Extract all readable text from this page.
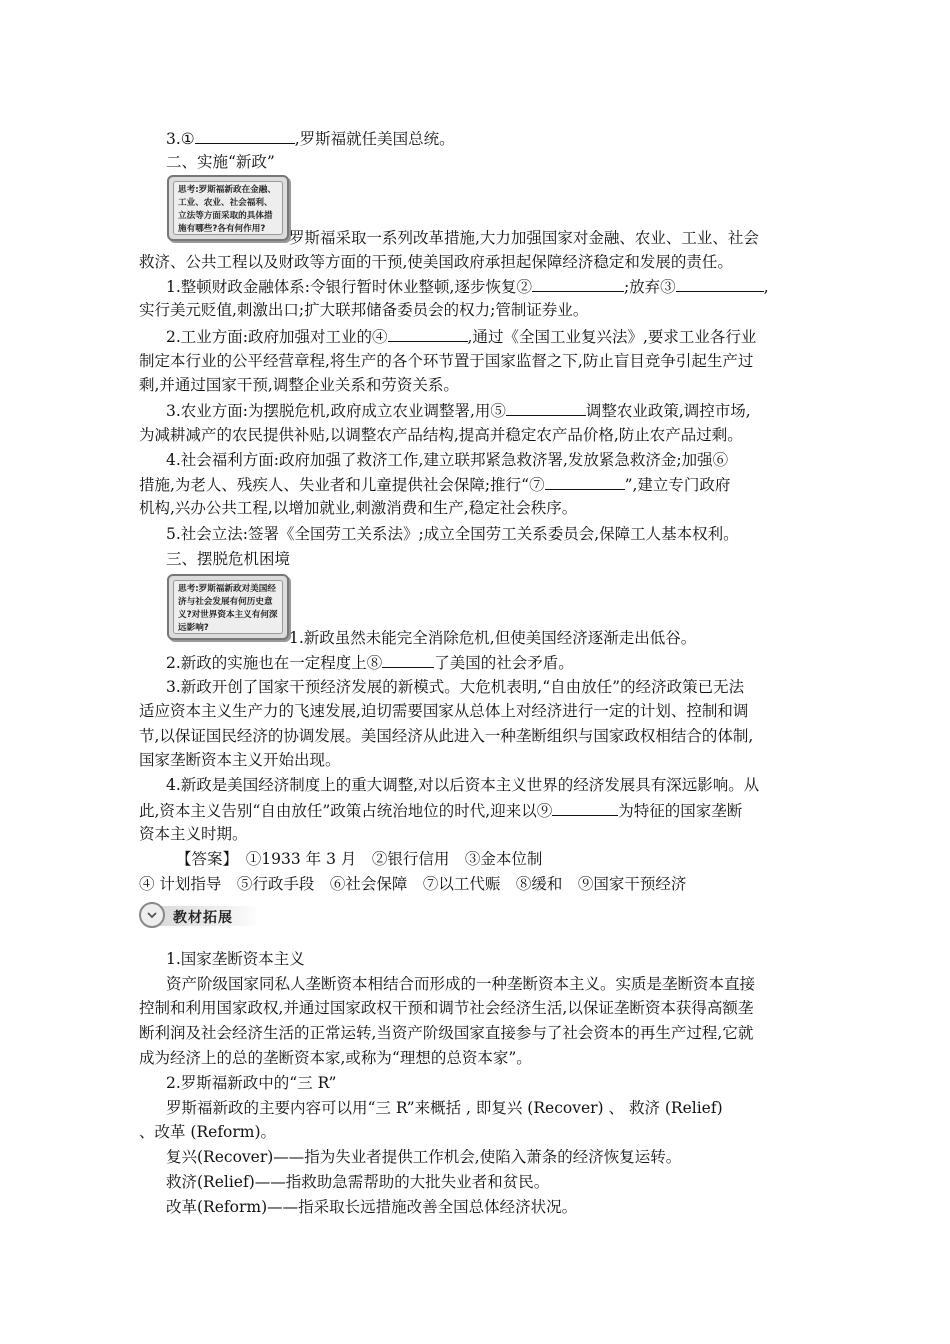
3.①	,罗斯福就任美国总统。
二、实施“新政”
思考:罗斯福新政在金融、工业、农业、社会福利、立法等方面采取的具体措施有哪些?各有何作用?	罗斯福采取一系列改革措施,大力加强国家对金融、农业、工业、社会
救济、公共工程以及财政等方面的干预,使美国政府承担起保障经济稳定和发展的责任。
1.整顿财政金融体系:令银行暂时休业整顿,逐步恢复②	;放弃③	,
实行美元贬值,刺激出口;扩大联邦储备委员会的权力;管制证券业。
2.工业方面:政府加强对工业的④	,通过《全国工业复兴法》,要求工业各行业
制定本行业的公平经营章程,将生产的各个环节置于国家监督之下,防止盲目竞争引起生产过
剩,并通过国家干预,调整企业关系和劳资关系。
3.农业方面:为摆脱危机,政府成立农业调整署,用⑤	调整农业政策,调控市场,
为减耕减产的农民提供补贴,以调整农产品结构,提高并稳定农产品价格,防止农产品过剩。
4.社会福利方面:政府加强了救济工作,建立联邦紧急救济署,发放紧急救济金;加强⑥
措施,为老人、残疾人、失业者和儿童提供社会保障;推行“⑦	”,建立专门政府
机构,兴办公共工程,以增加就业,刺激消费和生产,稳定社会秩序。
5.社会立法:签署《全国劳工关系法》;成立全国劳工关系委员会,保障工人基本权利。
三、摆脱危机困境
思考:罗斯福新政对美国经济与社会发展有何历史意义?对世界资本主义有何深远影响?
1.新政虽然未能完全消除危机,但使美国经济逐渐走出低谷。
2.新政的实施也在一定程度上⑧	了美国的社会矛盾。
3.新政开创了国家干预经济发展的新模式。大危机表明,“自由放任”的经济政策已无法
适应资本主义生产力的飞速发展,迫切需要国家从总体上对经济进行一定的计划、控制和调
节,以保证国民经济的协调发展。美国经济从此进入一种垄断组织与国家政权相结合的体制,
国家垄断资本主义开始出现。
4.新政是美国经济制度上的重大调整,对以后资本主义世界的经济发展具有深远影响。从
此,资本主义告别“自由放任”政策占统治地位的时代,迎来以⑨	为特征的国家垄断
资本主义时期。
【答案】　 ①1933 年 3 月　②银行信用　③金本位制
④ 计划指导　⑤行政手段　⑥社会保障　⑦以工代赈　⑧缓和　⑨国家干预经济
教材拓展
1.国家垄断资本主义
资产阶级国家同私人垄断资本相结合而形成的一种垄断资本主义。实质是垄断资本直接
控制和利用国家政权,并通过国家政权干预和调节社会经济生活,以保证垄断资本获得高额垄
断利润及社会经济生活的正常运转,当资产阶级国家直接参与了社会资本的再生产过程,它就
成为经济上的总的垄断资本家,或称为“理想的总资本家”。
2.罗斯福新政中的“三 R”
罗斯福新政的主要内容可以用“三 R”来概括 , 即复兴 (Recover) 、 救济 (Relief)
、改革 (Reform)。
复兴(Recover)——指为失业者提供工作机会,使陷入萧条的经济恢复运转。
救济(Relief)——指救助急需帮助的大批失业者和贫民。
改革(Reform)——指采取长远措施改善全国总体经济状况。
